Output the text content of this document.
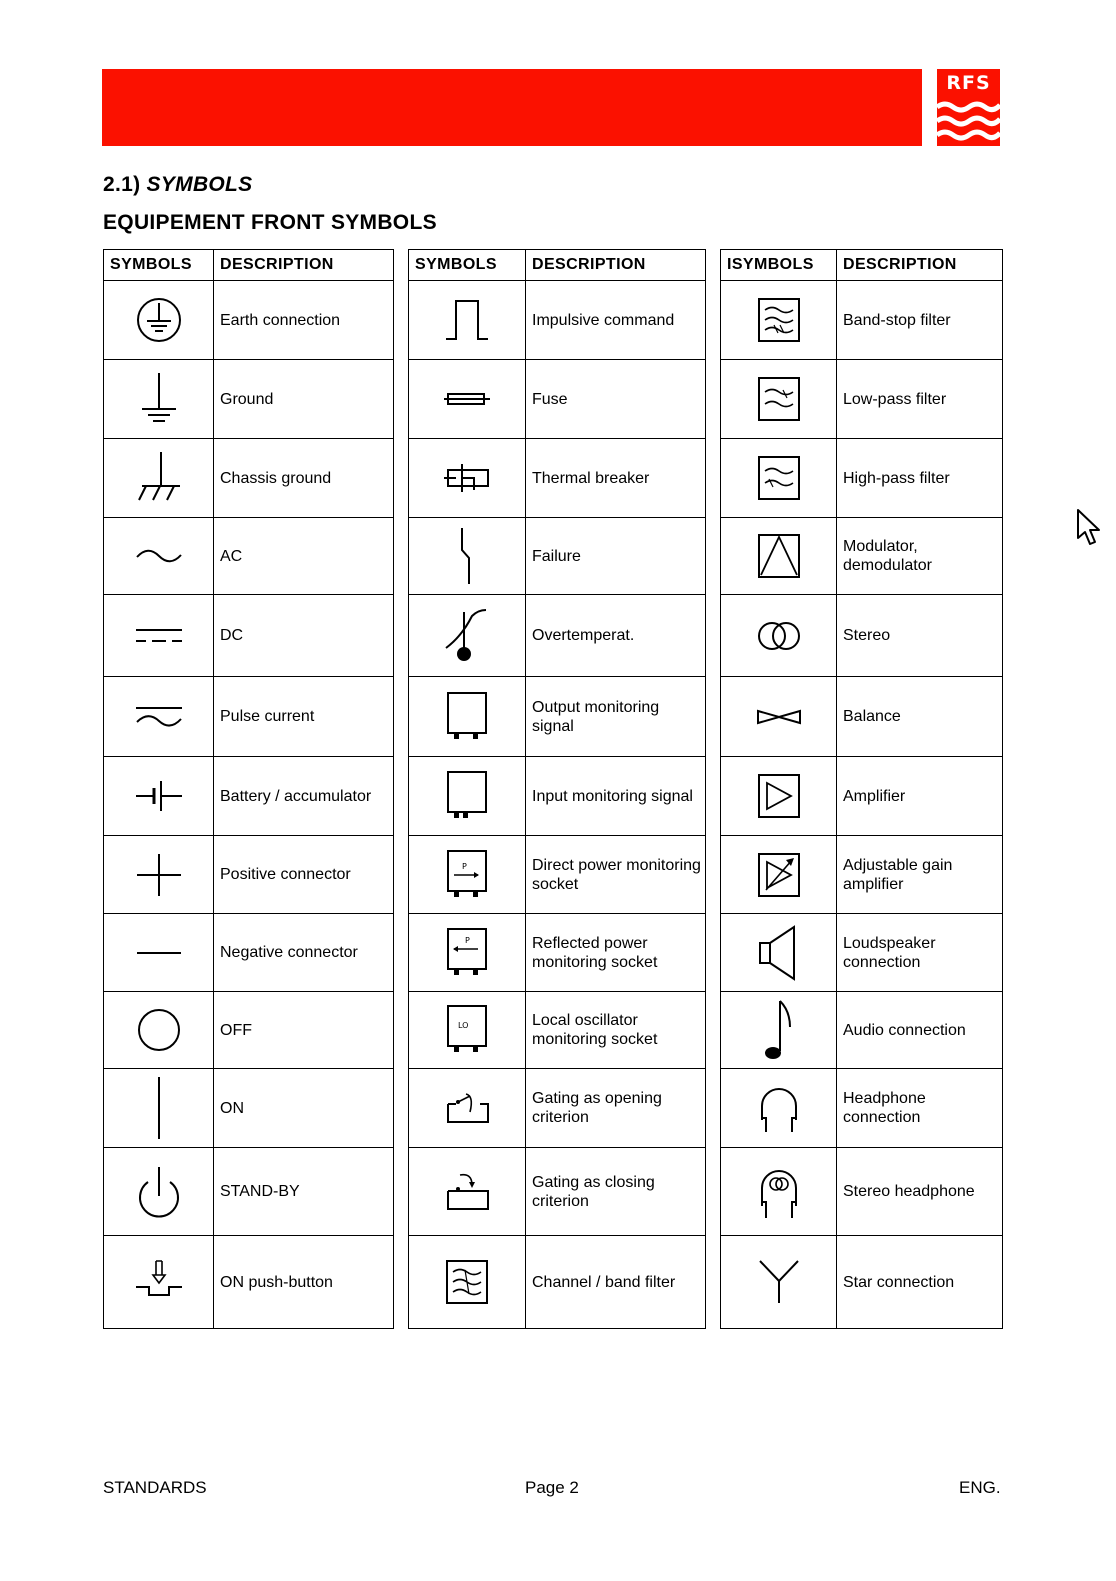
RFS
2.1) SYMBOLS
EQUIPEMENT FRONT SYMBOLS
SYMBOLS	DESCRIPTION

	Earth connection

	Ground

	Chassis ground

	AC

	DC

	Pulse current

	Battery / accumulator

	Positive connector

	Negative connector

	OFF

	ON

	STAND-BY

	ON push-button
SYMBOLS	DESCRIPTION

	Impulsive command

	Fuse

	Thermal breaker

	Failure

	Overtemperat.

	Output monitoring signal

	Input monitoring signal

P	Direct power monitoring socket

P	Reflected power monitoring socket

LO	Local oscillator monitoring socket

	Gating as opening criterion

	Gating as closing criterion

	Channel / band filter
ISYMBOLS	DESCRIPTION

	Band-stop filter

	Low-pass filter

	High-pass filter

	Modulator, demodulator

	Stereo

	Balance

	Amplifier

	Adjustable gain amplifier

	Loudspeaker connection

	Audio connection

	Headphone connection

	Stereo headphone

	Star connection
STANDARDS	Page 2	ENG.
